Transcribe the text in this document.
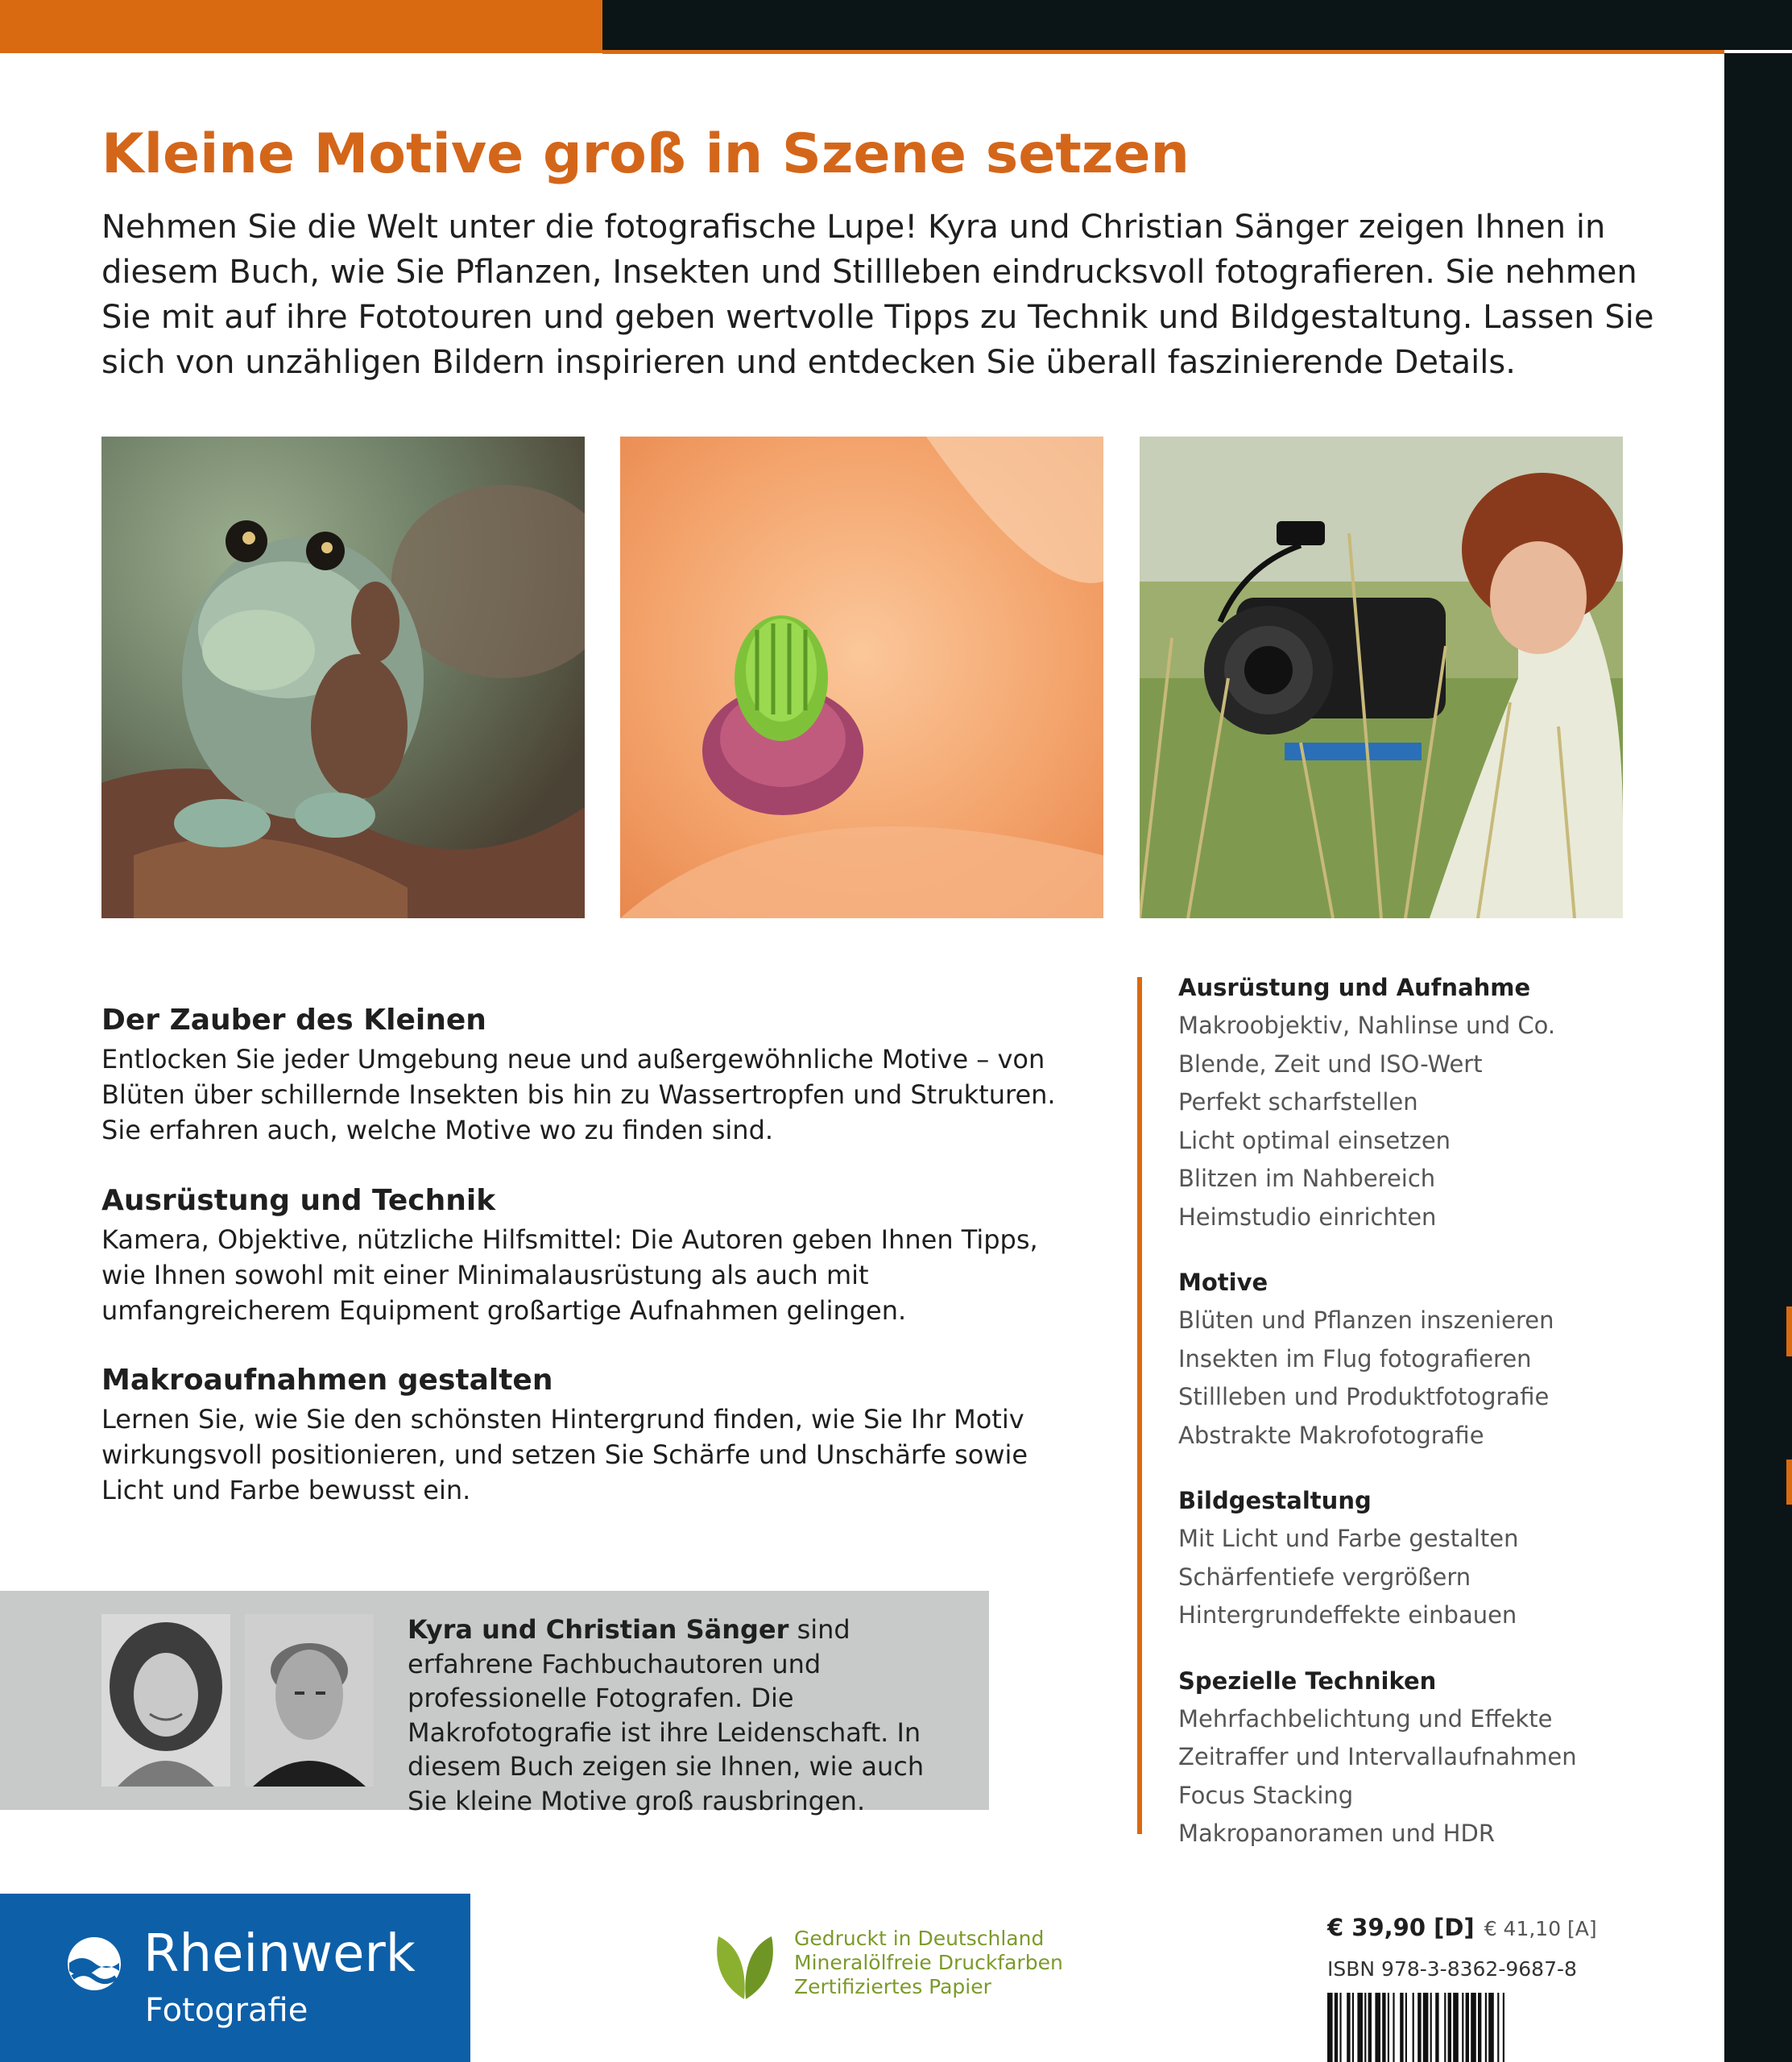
Kleine Motive groß in Szene setzen

Nehmen Sie die Welt unter die fotografische Lupe! Kyra und Christian Sänger zeigen Ihnen in diesem Buch, wie Sie Pflanzen, Insekten und Stillleben eindrucksvoll fotografieren. Sie nehmen Sie mit auf ihre Fototouren und geben wertvolle Tipps zu Technik und Bildgestaltung. Lassen Sie sich von unzähligen Bildern inspirieren und entdecken Sie überall faszinierende Details.

Der Zauber des Kleinen

Entlocken Sie jeder Umgebung neue und außergewöhnliche Motive – von Blüten über schillernde Insekten bis hin zu Wassertropfen und Strukturen. Sie erfahren auch, welche Motive wo zu finden sind.

Ausrüstung und Technik

Kamera, Objektive, nützliche Hilfsmittel: Die Autoren geben Ihnen Tipps, wie Ihnen sowohl mit einer Minimalausrüstung als auch mit umfangreicherem Equipment großartige Aufnahmen gelingen.

Makroaufnahmen gestalten

Lernen Sie, wie Sie den schönsten Hintergrund finden, wie Sie Ihr Motiv wirkungsvoll positionieren, und setzen Sie Schärfe und Unschärfe sowie Licht und Farbe bewusst ein.

Ausrüstung und Aufnahme
Makroobjektiv, Nahlinse und Co.
Blende, Zeit und ISO-Wert
Perfekt scharfstellen
Licht optimal einsetzen
Blitzen im Nahbereich
Heimstudio einrichten
Motive
Blüten und Pflanzen inszenieren
Insekten im Flug fotografieren
Stillleben und Produktfotografie
Abstrakte Makrofotografie
Bildgestaltung
Mit Licht und Farbe gestalten
Schärfentiefe vergrößern
Hintergrundeffekte einbauen
Spezielle Techniken
Mehrfachbelichtung und Effekte
Zeitraffer und Intervallaufnahmen
Focus Stacking
Makropanoramen und HDR

Kyra und Christian Sänger sind erfahrene Fachbuchautoren und professionelle Fotografen. Die Makrofotografie ist ihre Leidenschaft. In diesem Buch zeigen sie Ihnen, wie auch Sie kleine Motive groß rausbringen.

Rheinwerk
Fotografie

Gedruckt in Deutschland
Mineralölfreie Druckfarben
Zertifiziertes Papier

€ 39,90 [D] € 41,10 [A]
ISBN 978-3-8362-9687-8
